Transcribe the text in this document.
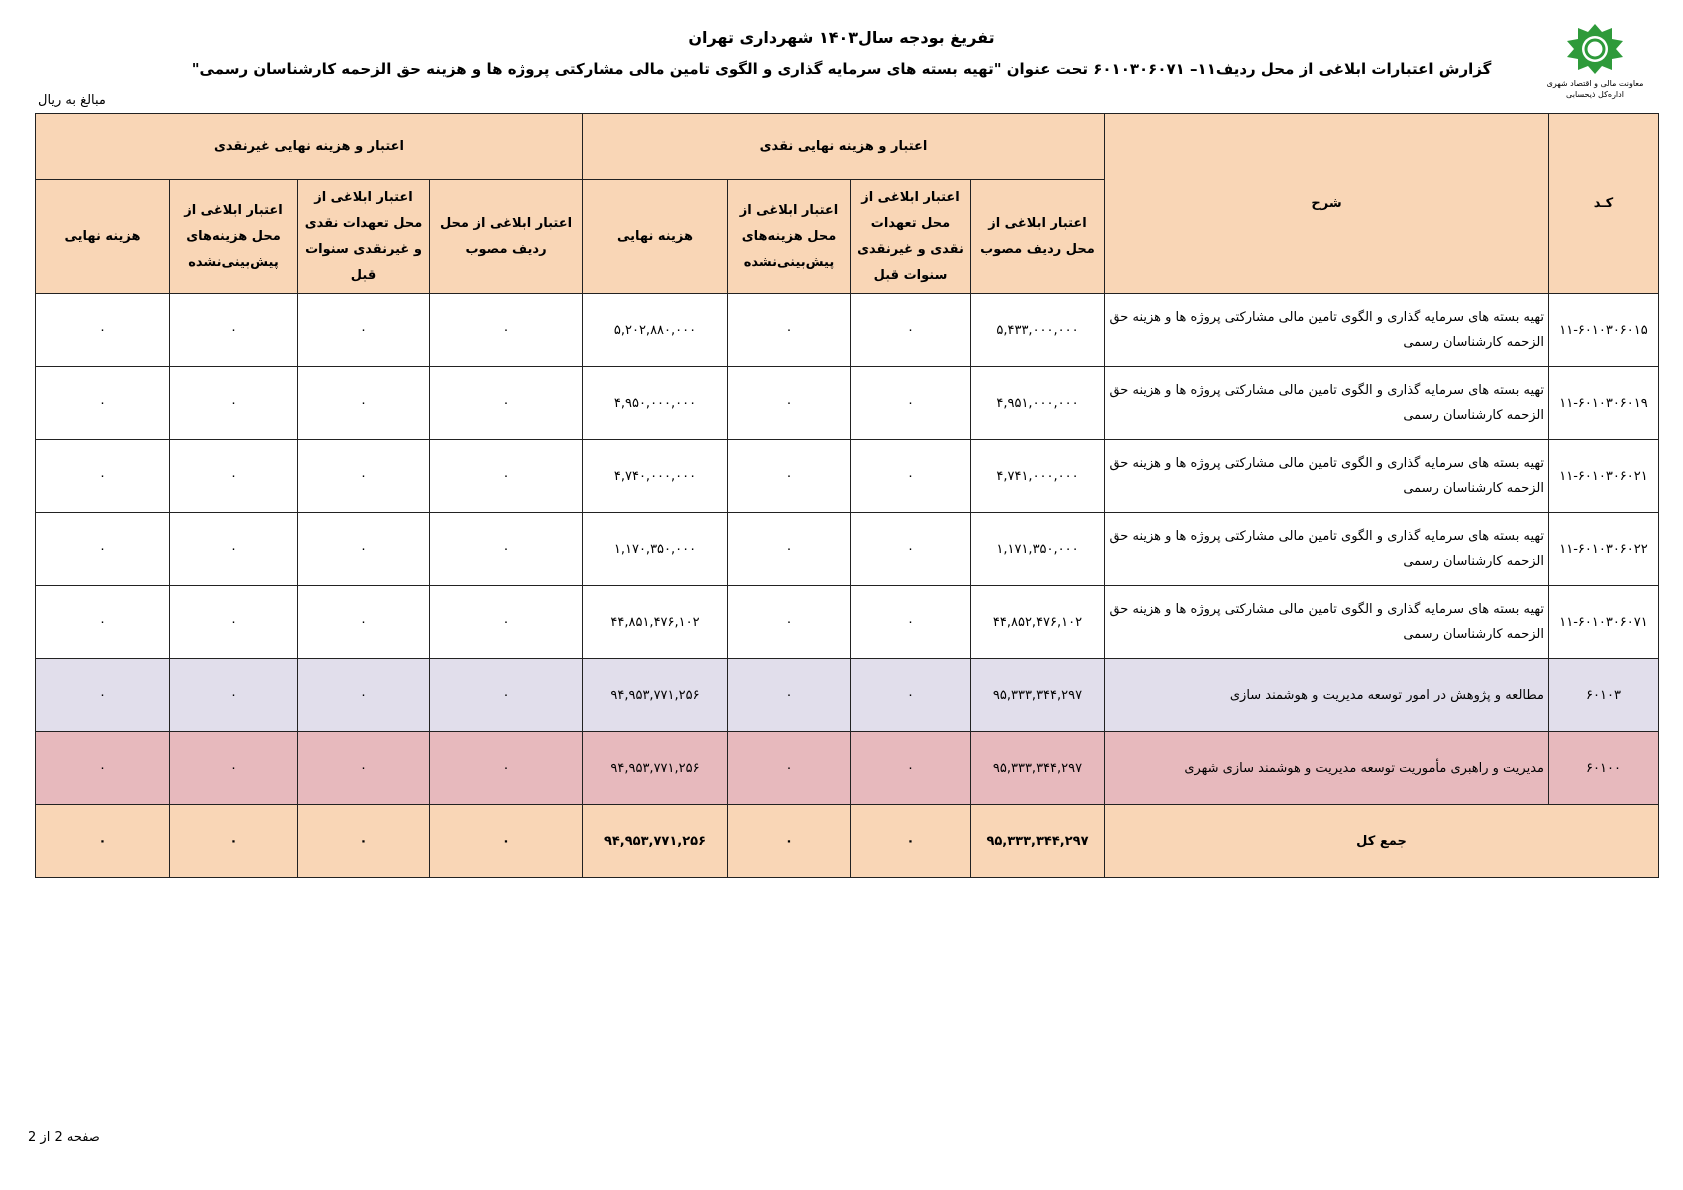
معاونت مالی و اقتصاد شهری
اداره‌کل ذیحسابی
تفریغ بودجه سال۱۴۰۳ شهرداری تهران
گزارش اعتبارات ابلاغی از محل ردیف۱۱– ۶۰۱۰۳۰۶۰۷۱ تحت عنوان "تهیه بسته های سرمایه گذاری و الگوی تامین مالی مشارکتی پروژه ها و هزینه حق الزحمه کارشناسان رسمی"
مبالغ به ریال
کـد	شرح	اعتبار و هزینه نهایی نقدی				اعتبار و هزینه نهایی غیرنقدی			
		اعتبار ابلاغی از محل ردیف مصوب	اعتبار ابلاغی از محل تعهدات نقدی و غیرنقدی سنوات قبل	اعتبار ابلاغی از محل هزینه‌های پیش‌بینی‌نشده	هزینه نهایی	اعتبار ابلاغی از محل ردیف مصوب	اعتبار ابلاغی از محل تعهدات نقدی و غیرنقدی سنوات قبل	اعتبار ابلاغی از محل هزینه‌های پیش‌بینی‌نشده	هزینه نهایی
۱۱-۶۰۱۰۳۰۶۰۱۵	تهیه بسته های سرمایه گذاری و الگوی تامین مالی مشارکتی پروژه ها و هزینه حق الزحمه کارشناسان رسمی	۵,۴۳۳,۰۰۰,۰۰۰	۰	۰	۵,۲۰۲,۸۸۰,۰۰۰	۰	۰	۰	۰
۱۱-۶۰۱۰۳۰۶۰۱۹	تهیه بسته های سرمایه گذاری و الگوی تامین مالی مشارکتی پروژه ها و هزینه حق الزحمه کارشناسان رسمی	۴,۹۵۱,۰۰۰,۰۰۰	۰	۰	۴,۹۵۰,۰۰۰,۰۰۰	۰	۰	۰	۰
۱۱-۶۰۱۰۳۰۶۰۲۱	تهیه بسته های سرمایه گذاری و الگوی تامین مالی مشارکتی پروژه ها و هزینه حق الزحمه کارشناسان رسمی	۴,۷۴۱,۰۰۰,۰۰۰	۰	۰	۴,۷۴۰,۰۰۰,۰۰۰	۰	۰	۰	۰
۱۱-۶۰۱۰۳۰۶۰۲۲	تهیه بسته های سرمایه گذاری و الگوی تامین مالی مشارکتی پروژه ها و هزینه حق الزحمه کارشناسان رسمی	۱,۱۷۱,۳۵۰,۰۰۰	۰	۰	۱,۱۷۰,۳۵۰,۰۰۰	۰	۰	۰	۰
۱۱-۶۰۱۰۳۰۶۰۷۱	تهیه بسته های سرمایه گذاری و الگوی تامین مالی مشارکتی پروژه ها و هزینه حق الزحمه کارشناسان رسمی	۴۴,۸۵۲,۴۷۶,۱۰۲	۰	۰	۴۴,۸۵۱,۴۷۶,۱۰۲	۰	۰	۰	۰
۶۰۱۰۳	مطالعه و پژوهش در امور توسعه مدیریت و هوشمند سازی	۹۵,۳۳۳,۳۴۴,۲۹۷	۰	۰	۹۴,۹۵۳,۷۷۱,۲۵۶	۰	۰	۰	۰
۶۰۱۰۰	مدیریت و راهبری مأموریت توسعه مدیریت و هوشمند سازی شهری	۹۵,۳۳۳,۳۴۴,۲۹۷	۰	۰	۹۴,۹۵۳,۷۷۱,۲۵۶	۰	۰	۰	۰
جمع کل		۹۵,۳۳۳,۳۴۴,۲۹۷	۰	۰	۹۴,۹۵۳,۷۷۱,۲۵۶	۰	۰	۰	۰
صفحه 2 از 2
